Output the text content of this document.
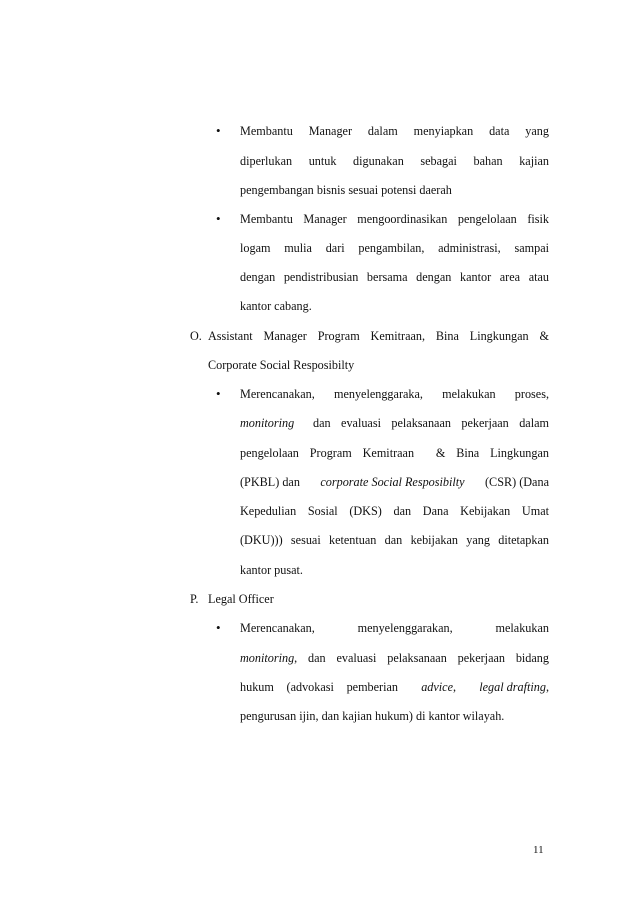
• Membantu Manager dalam menyiapkan data yang
diperlukan untuk digunakan sebagai bahan kajian
pengembangan bisnis sesuai potensi daerah
• Membantu Manager mengoordinasikan pengelolaan fisik
logam mulia dari pengambilan, administrasi, sampai
dengan pendistribusian bersama dengan kantor area atau
kantor cabang.
O. Assistant Manager Program Kemitraan, Bina Lingkungan &
Corporate Social Resposibilty
• Merencanakan, menyelenggaraka, melakukan proses,
monitoring dan evaluasi pelaksanaan pekerjaan dalam
pengelolaan Program Kemitraan  & Bina Lingkungan
(PKBL) dan corporate Social Resposibilty (CSR) (Dana
Kepedulian Sosial (DKS) dan Dana Kebijakan Umat
(DKU))) sesuai ketentuan dan kebijakan yang ditetapkan
kantor pusat.
P. Legal Officer
• Merencanakan, menyelenggarakan, melakukan
monitoring , dan evaluasi pelaksanaan pekerjaan bidang
hukum (advokasi pemberian advice, legal drafting,
pengurusan ijin, dan kajian hukum) di kantor wilayah.
11
